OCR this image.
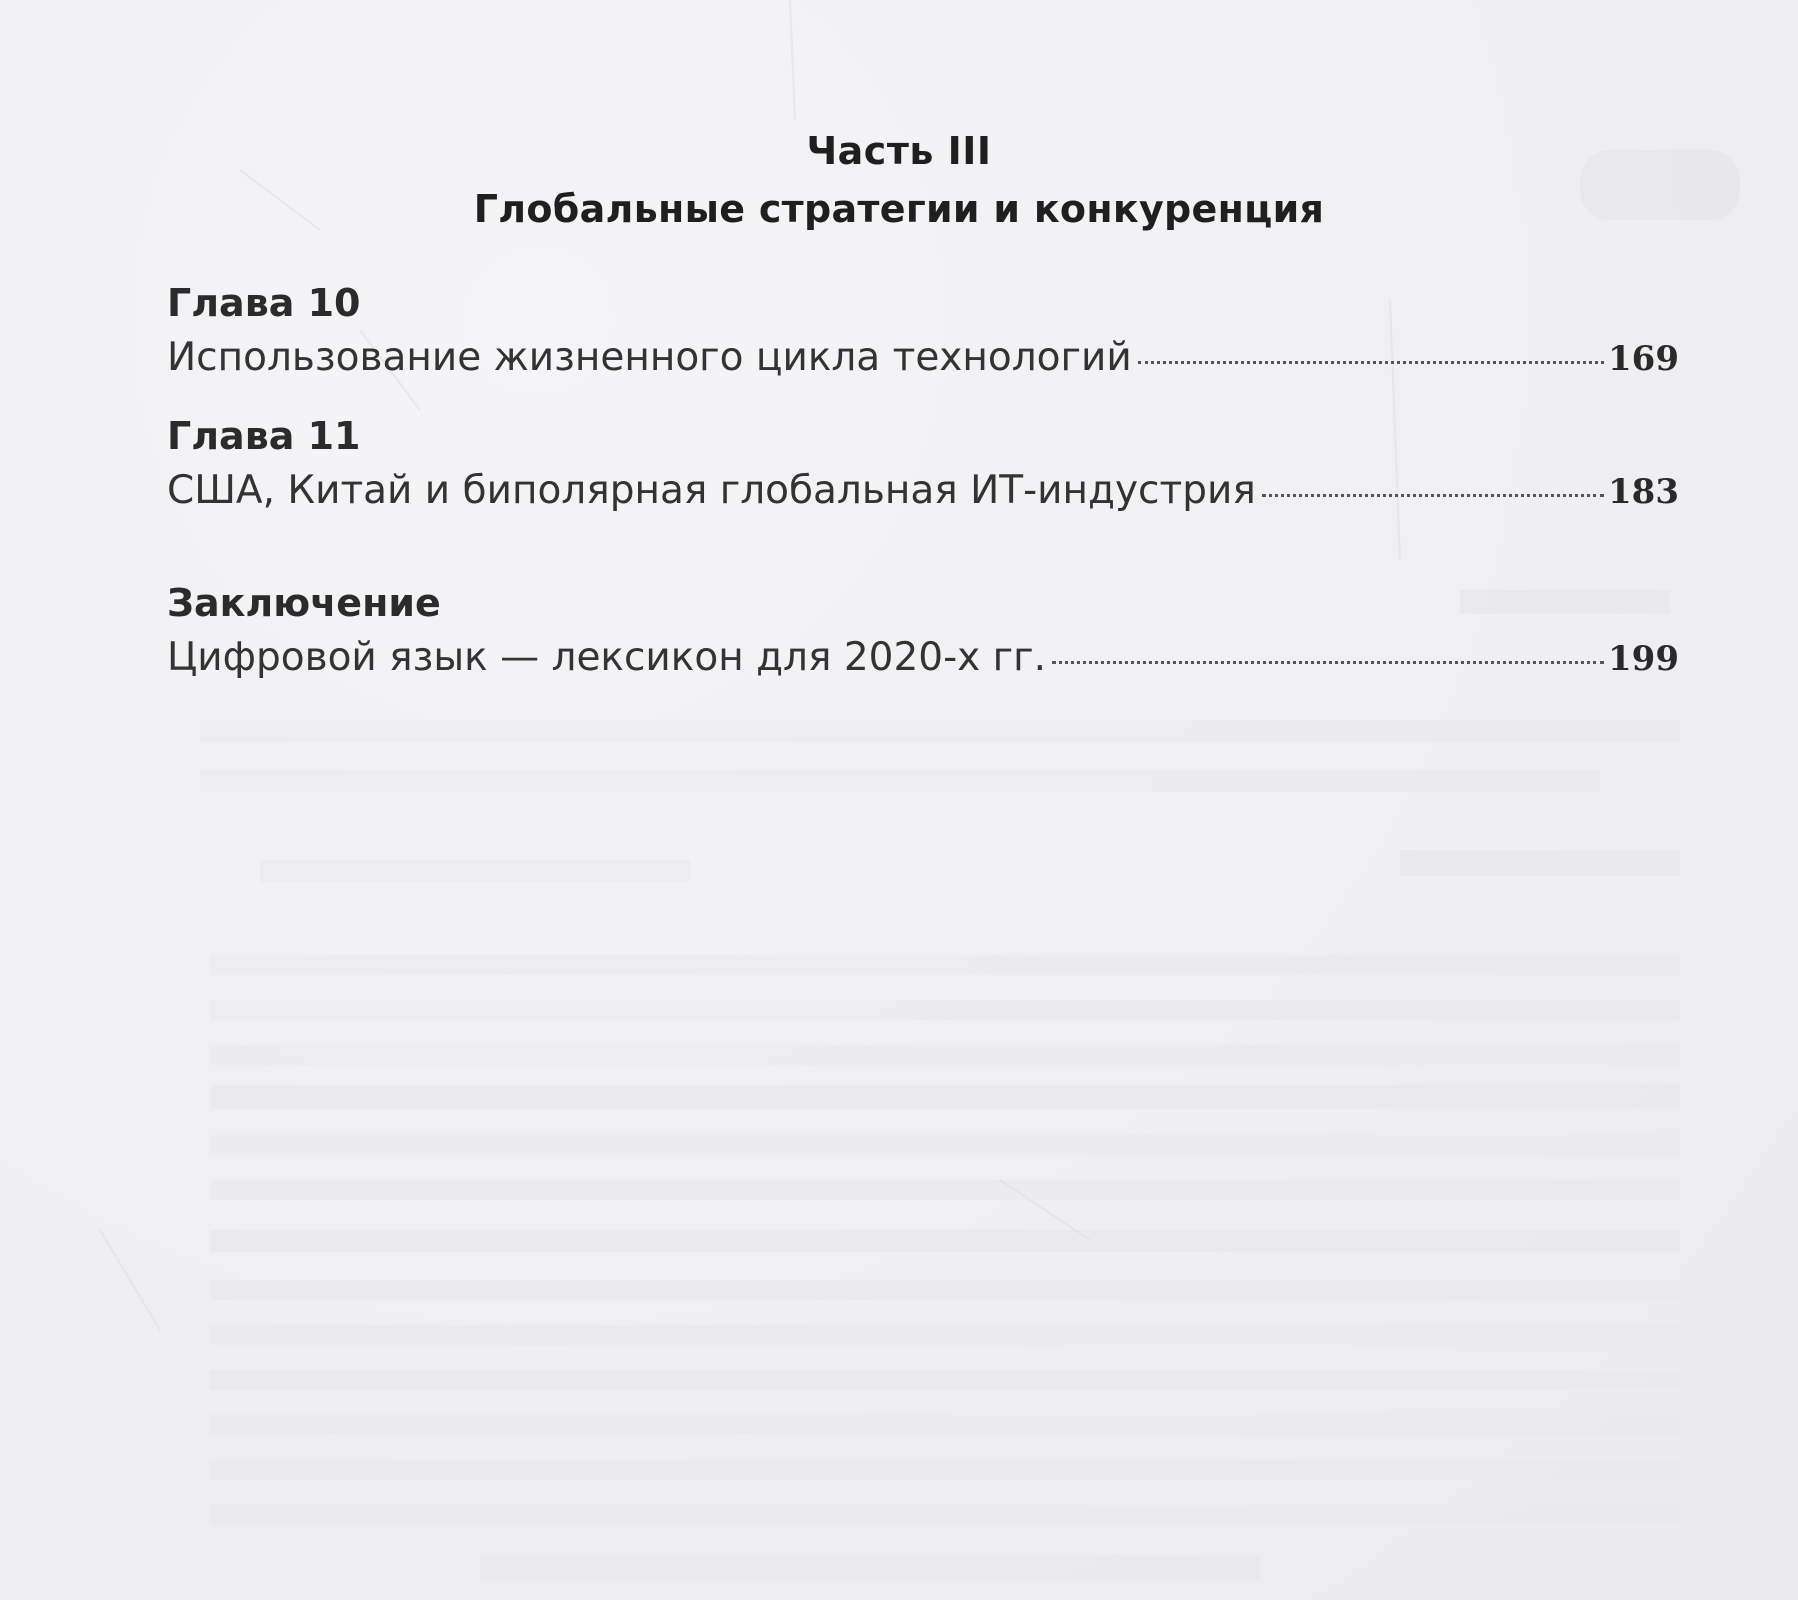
Часть III
Глобальные стратегии и конкуренция
Глава 10
Использование жизненного цикла технологий	169
Глава 11
США, Китай и биполярная глобальная ИТ-индустрия	183
Заключение
Цифровой язык — лексикон для 2020-х гг.	199
